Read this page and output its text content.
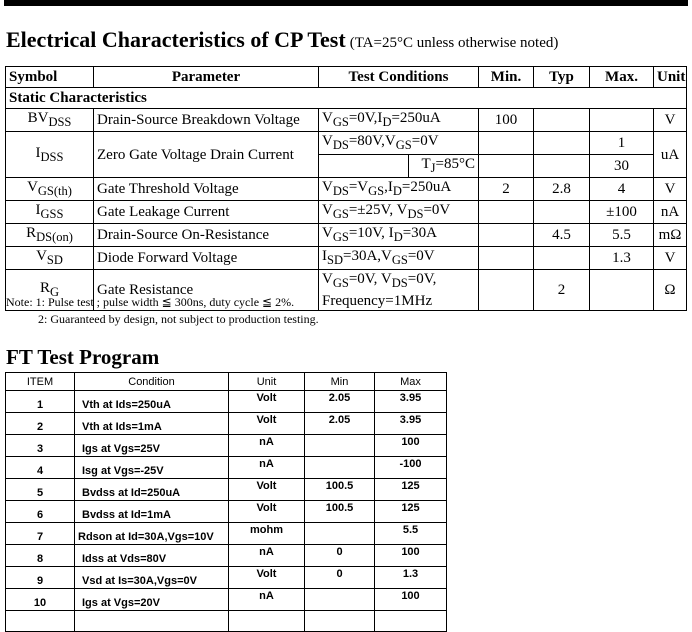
Electrical Characteristics of CP Test (TA=25°C unless otherwise noted)
Symbol	Parameter	Test Conditions		Min.	Typ	Max.	Unit
Static Characteristics							
$BV_{DSS}$	Drain-Source Breakdown Voltage	$V_{GS}=0V,I_D=250uA$		100			V
$I_{DSS}$	Zero Gate Voltage Drain Current	$V_{DS}=80V,V_{GS}=0V$				1	uA
			$T_J=85^\circ C$			30	
$V_{GS(th)}$	Gate Threshold Voltage	$V_{DS}=V_{GS},I_D=250uA$		2	2.8	4	V
$I_{GSS}$	Gate Leakage Current	$V_{GS}=\pm 25V$, $V_{DS}=0V$				±100	nA
$R_{DS(on)}$	Drain-Source On-Resistance	$V_{GS}=10V$, $I_D=30A$			4.5	5.5	mΩ
$V_{SD}$	Diode Forward Voltage	$I_{SD}=30A,V_{GS}=0V$				1.3	V
$R_G$	Gate Resistance	$V_{GS}=0V$, $V_{DS}=0V$,
Frequency=1MHz			2		Ω
Note: 1: Pulse test ; pulse width ≦ 300ns, duty cycle ≦ 2%.
2: Guaranteed by design, not subject to production testing.
FT Test Program
ITEM	Condition	Unit	Min	Max
1	Vth at Ids=250uA	Volt	2.05	3.95
2	Vth at Ids=1mA	Volt	2.05	3.95
3	Igs at Vgs=25V	nA		100
4	Isg at Vgs=-25V	nA		-100
5	Bvdss at Id=250uA	Volt	100.5	125
6	Bvdss at Id=1mA	Volt	100.5	125
7	Rdson at Id=30A,Vgs=10V	mohm		5.5
8	Idss at Vds=80V	nA	0	100
9	Vsd at Is=30A,Vgs=0V	Volt	0	1.3
10	Igs at Vgs=20V	nA		100
